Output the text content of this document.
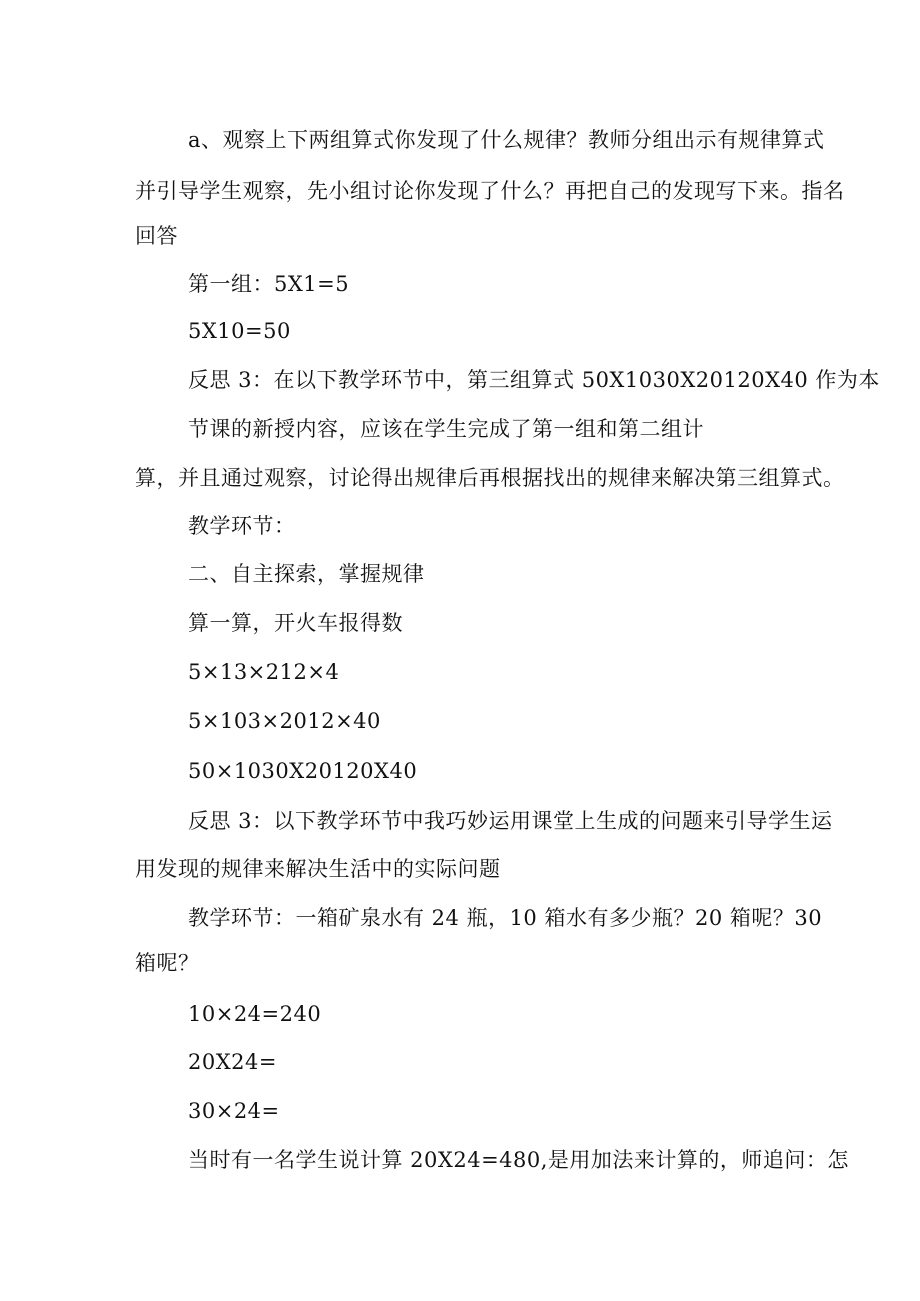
a、观察上下两组算式你发现了什么规律？教师分组出示有规律算式

并引导学生观察，先小组讨论你发现了什么？再把自己的发现写下来。指名

回答

第一组：5X1=5

5X10=50

反思 3：在以下教学环节中，第三组算式 50X1030X20120X40 作为本

节课的新授内容，应该在学生完成了第一组和第二组计

算，并且通过观察，讨论得出规律后再根据找出的规律来解决第三组算式。

教学环节：

二、自主探索，掌握规律

算一算，开火车报得数

5×13×212×4

5×103×2012×40

50×1030X20120X40

反思 3：以下教学环节中我巧妙运用课堂上生成的问题来引导学生运

用发现的规律来解决生活中的实际问题

教学环节：一箱矿泉水有 24 瓶，10 箱水有多少瓶？20 箱呢？30

箱呢？

10×24=240

20X24=

30×24=

当时有一名学生说计算 20X24=480,是用加法来计算的，师追问：怎
